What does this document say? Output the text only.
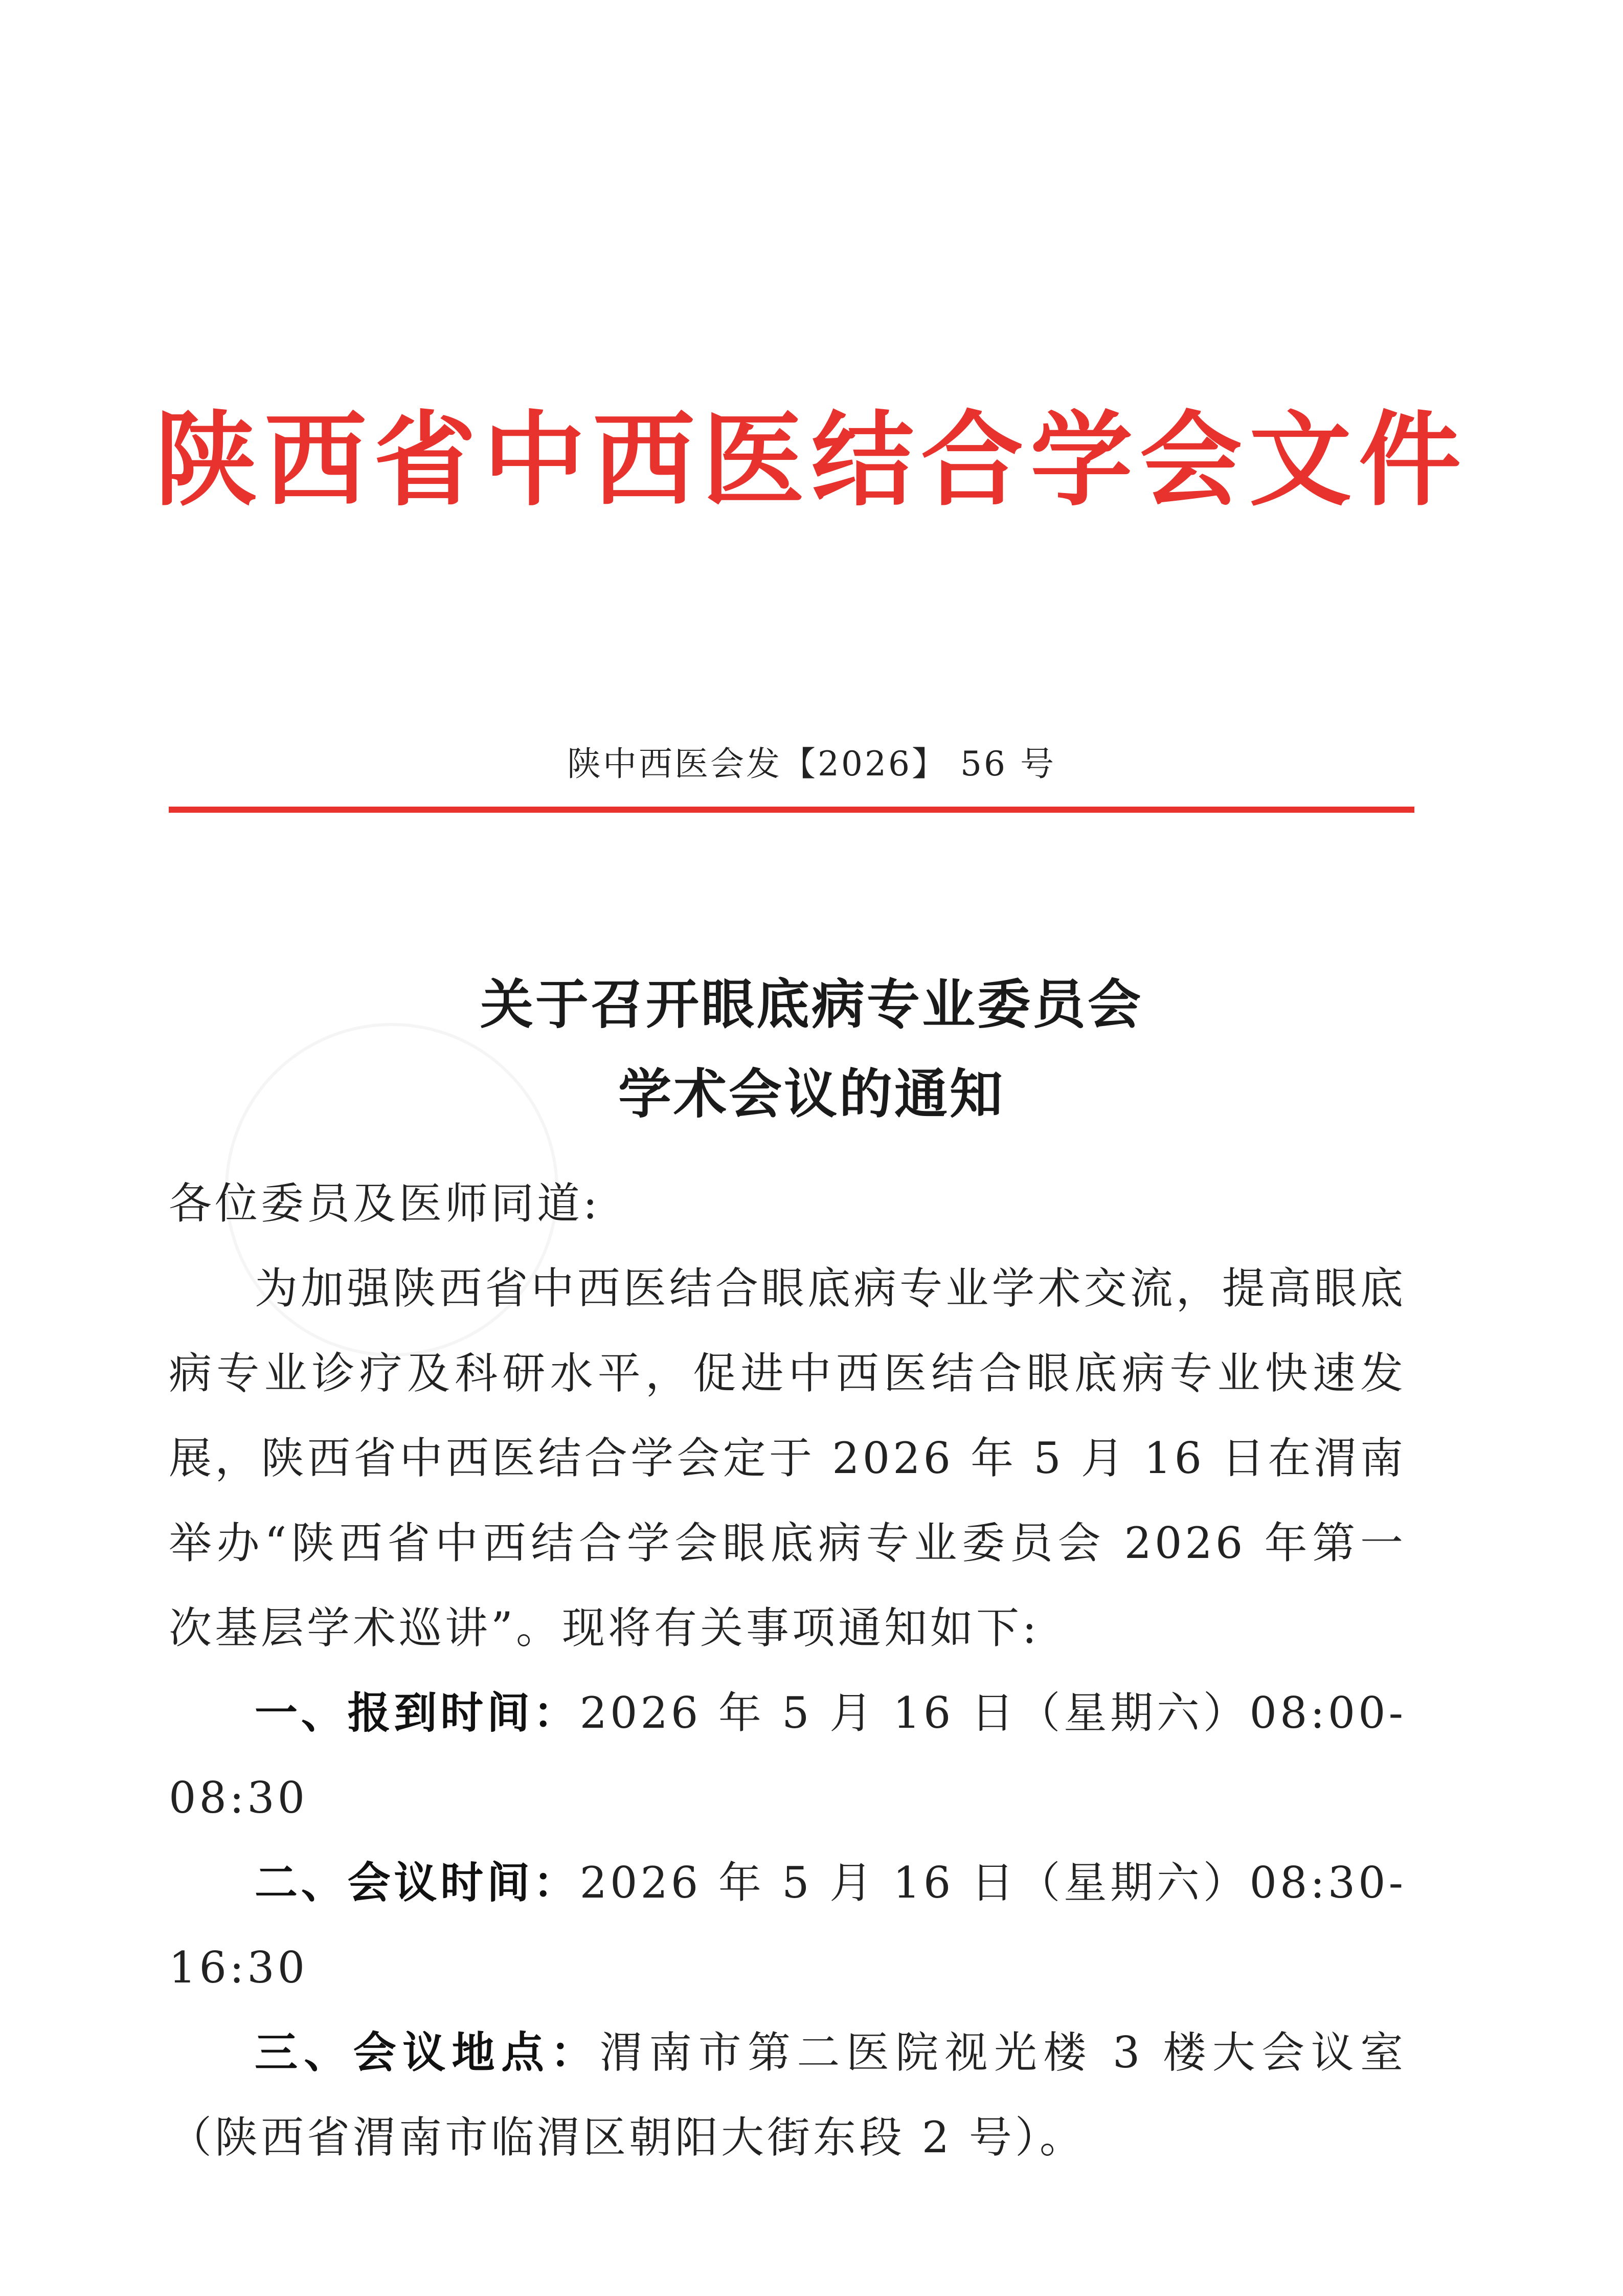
陕西省中西医结合学会文件
陕中西医会发【2026】 56 号
关于召开眼底病专业委员会
学术会议的通知

各位委员及医师同道:

为加强陕西省中西医结合眼底病专业学术交流，提高眼底病专业诊疗及科研水平，促进中西医结合眼底病专业快速发展，陕西省中西医结合学会定于 2026 年 5 月 16 日在渭南举办“陕西省中西结合学会眼底病专业委员会 2026 年第一次基层学术巡讲”。现将有关事项通知如下:

一、报到时间：2026 年 5 月 16 日（星期六）08:00-08:30

二、会议时间：2026 年 5 月 16 日（星期六）08:30-16:30

三、会议地点：渭南市第二医院视光楼 3 楼大会议室（陕西省渭南市临渭区朝阳大街东段 2 号）。
